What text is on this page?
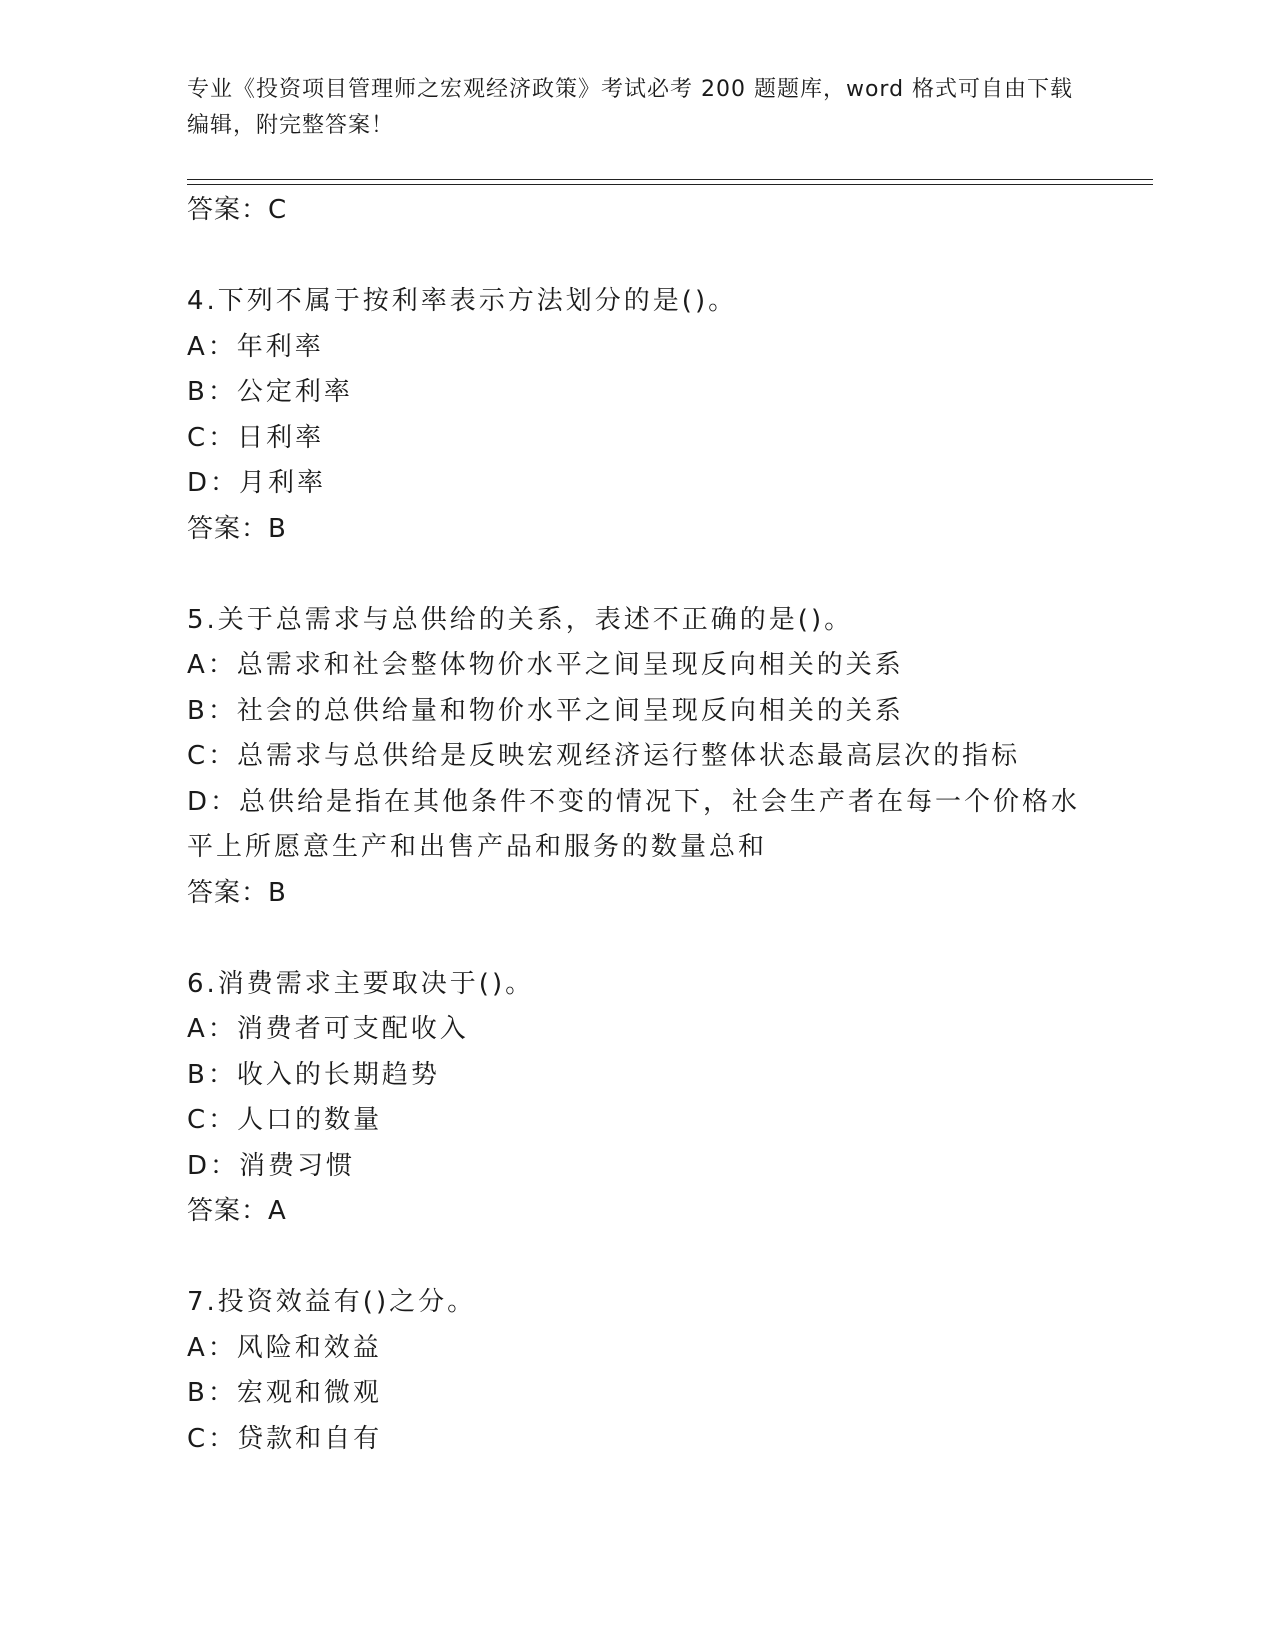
专业《投资项目管理师之宏观经济政策》考试必考 200 题题库，word 格式可自由下载编辑，附完整答案！
答案：C
4.下列不属于按利率表示方法划分的是()。
A：年利率
B：公定利率
C：日利率
D：月利率
答案：B
5.关于总需求与总供给的关系，表述不正确的是()。
A：总需求和社会整体物价水平之间呈现反向相关的关系
B：社会的总供给量和物价水平之间呈现反向相关的关系
C：总需求与总供给是反映宏观经济运行整体状态最高层次的指标
D：总供给是指在其他条件不变的情况下，社会生产者在每一个价格水平上所愿意生产和出售产品和服务的数量总和
答案：B
6.消费需求主要取决于()。
A：消费者可支配收入
B：收入的长期趋势
C：人口的数量
D：消费习惯
答案：A
7.投资效益有()之分。
A：风险和效益
B：宏观和微观
C：贷款和自有
